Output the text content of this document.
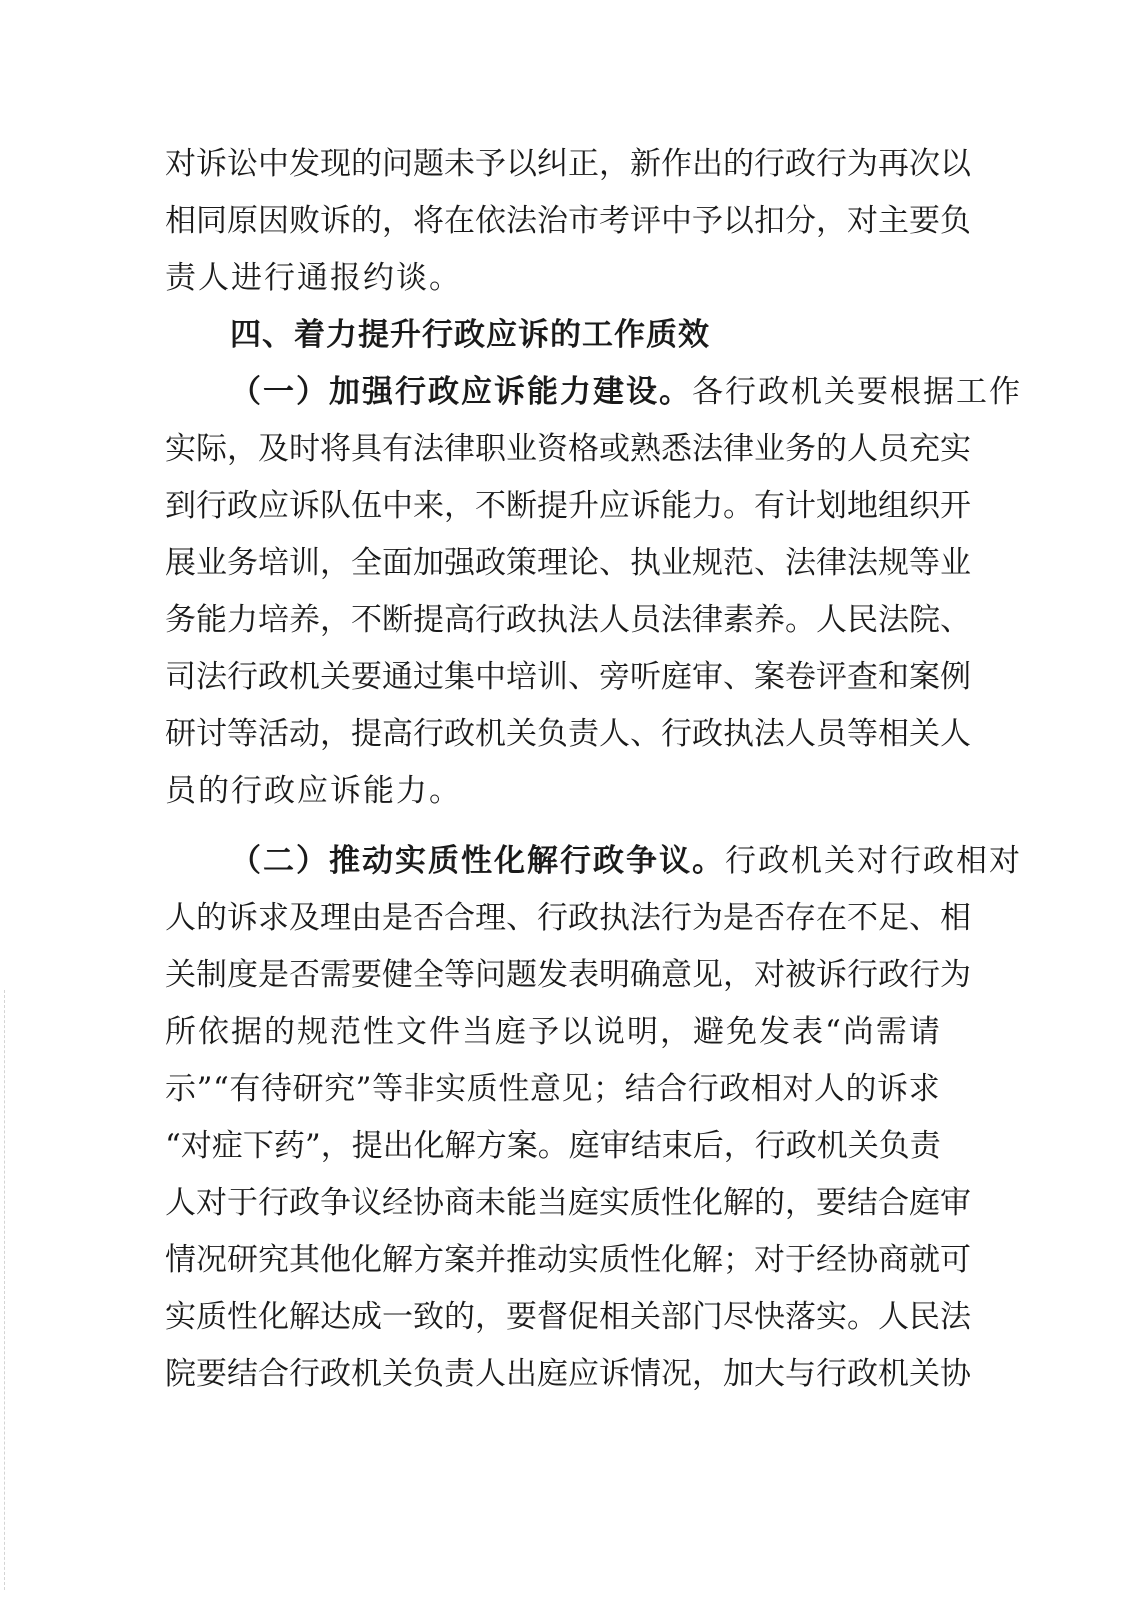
对 诉 讼 中 发 现 的 问 题 未 予 以 纠 正 ， 新 作 出 的 行 政 行 为 再 次 以
相 同 原 因 败 诉 的 ， 将 在 依 法 治 市 考 评 中 予 以 扣 分 ， 对 主 要 负
责人进行通报约谈。
四、着力提升行政应诉的工作质效
（一）加强行政应诉能力建设。各行政机关要根据工作
实 际 ， 及 时 将 具 有 法 律 职 业 资 格 或 熟 悉 法 律 业 务 的 人 员 充 实
到 行 政 应 诉 队 伍 中 来 ， 不 断 提 升 应 诉 能 力 。 有 计 划 地 组 织 开
展 业 务 培 训 ， 全 面 加 强 政 策 理 论 、 执 业 规 范 、 法 律 法 规 等 业
务 能 力 培 养 ， 不 断 提 高 行 政 执 法 人 员 法 律 素 养 。 人 民 法 院 、
司 法 行 政 机 关 要 通 过 集 中 培 训 、 旁 听 庭 审 、 案 卷 评 查 和 案 例
研 讨 等 活 动 ， 提 高 行 政 机 关 负 责 人 、 行 政 执 法 人 员 等 相 关 人
员的行政应诉能力。
（二）推动实质性化解行政争议。行政机关对行政相对
人 的 诉 求 及 理 由 是 否 合 理 、 行 政 执 法 行 为 是 否 存 在 不 足 、 相
关 制 度 是 否 需 要 健 全 等 问 题 发 表 明 确 意 见 ， 对 被 诉 行 政 行 为
所 依 据 的 规 范 性 文 件 当 庭 予 以 说 明 ， 避 免 发 表 “ 尚 需 请
示 ” “ 有 待 研 究 ” 等 非 实 质 性 意 见 ； 结 合 行 政 相 对 人 的 诉 求
“ 对 症 下 药 ” ， 提 出 化 解 方 案 。 庭 审 结 束 后 ， 行 政 机 关 负 责
人 对 于 行 政 争 议 经 协 商 未 能 当 庭 实 质 性 化 解 的 ， 要 结 合 庭 审
情 况 研 究 其 他 化 解 方 案 并 推 动 实 质 性 化 解 ； 对 于 经 协 商 就 可
实 质 性 化 解 达 成 一 致 的 ， 要 督 促 相 关 部 门 尽 快 落 实 。 人 民 法
院 要 结 合 行 政 机 关 负 责 人 出 庭 应 诉 情 况 ， 加 大 与 行 政 机 关 协
